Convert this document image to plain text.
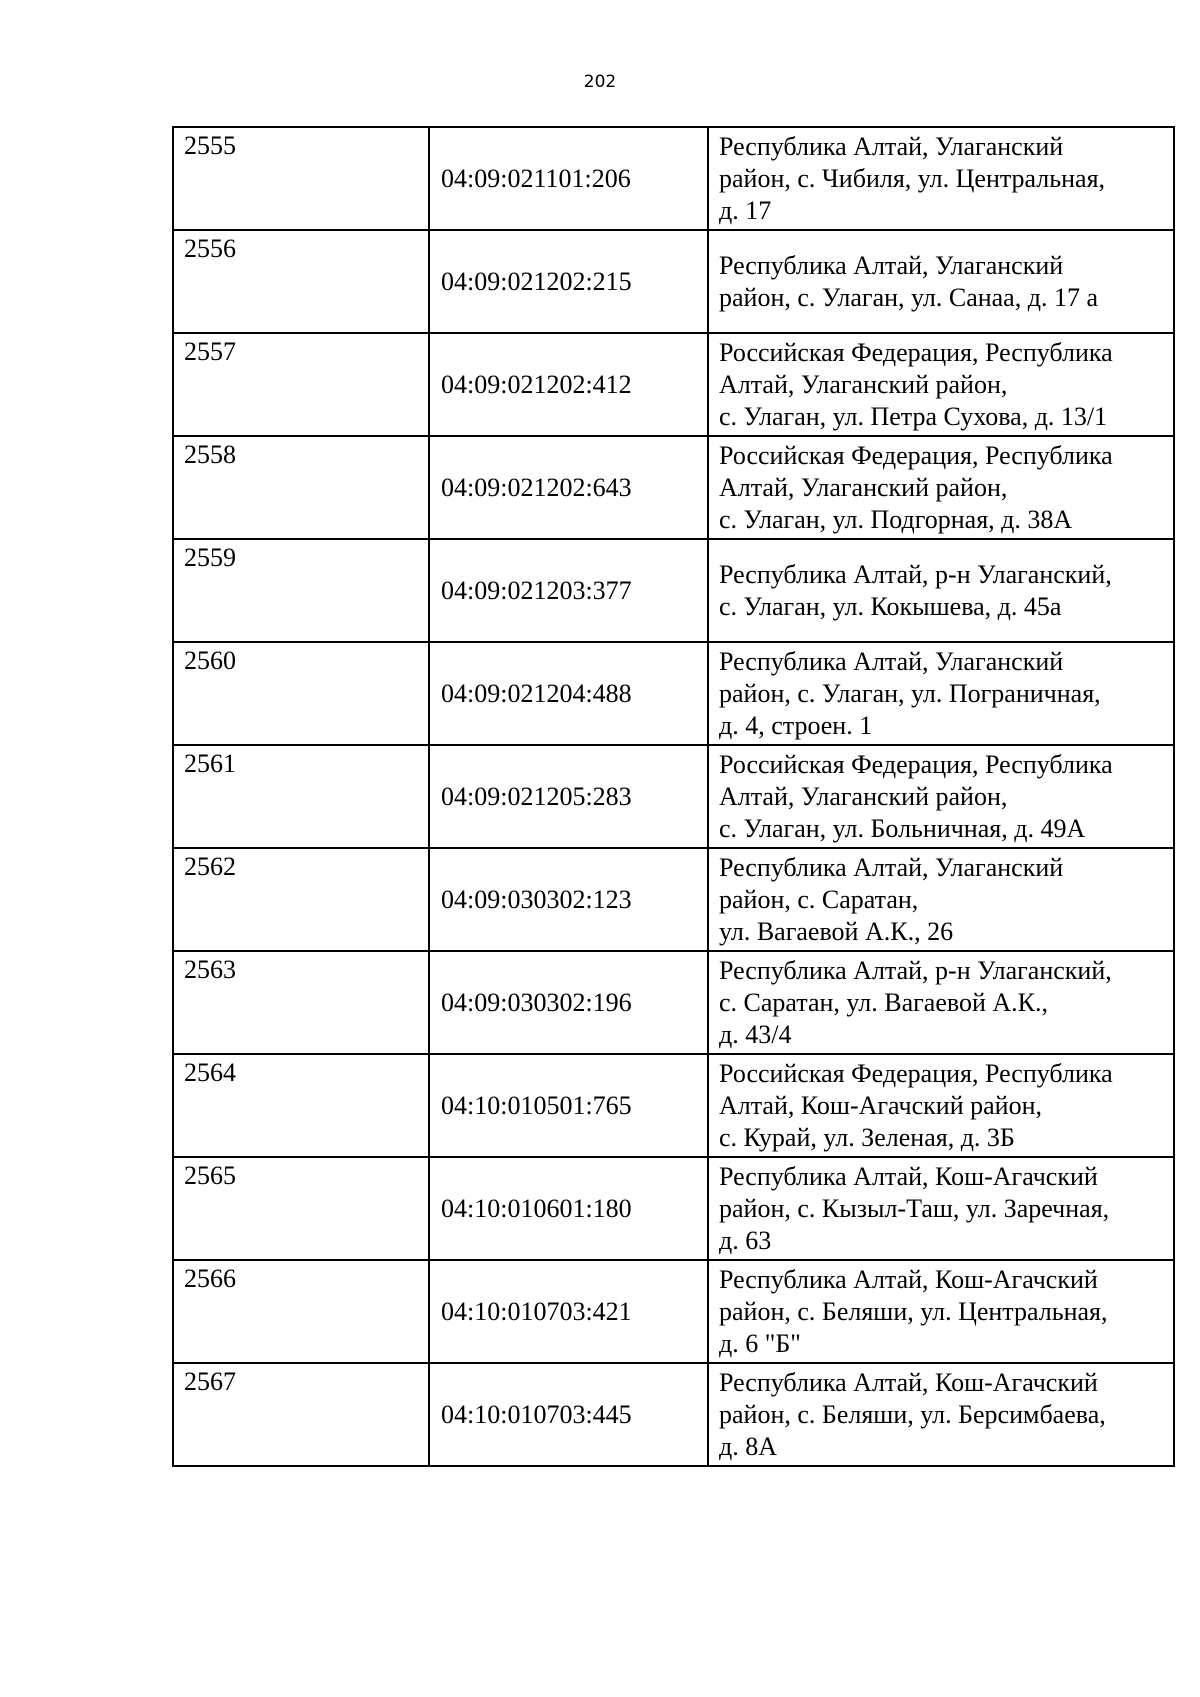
202
2555	04:09:021101:206	Республика Алтай, Улаганский
район, с. Чибиля, ул. Центральная,
д. 17

2556	04:09:021202:215	Республика Алтай, Улаганский
район, с. Улаган, ул. Санаа, д. 17 а

2557	04:09:021202:412	Российская Федерация, Республика
Алтай, Улаганский район,
с. Улаган, ул. Петра Сухова, д. 13/1

2558	04:09:021202:643	Российская Федерация, Республика
Алтай, Улаганский район,
с. Улаган, ул. Подгорная, д. 38А

2559	04:09:021203:377	Республика Алтай, р-н Улаганский,
с. Улаган, ул. Кокышева, д. 45а

2560	04:09:021204:488	Республика Алтай, Улаганский
район, с. Улаган, ул. Пограничная,
д. 4, строен. 1

2561	04:09:021205:283	Российская Федерация, Республика
Алтай, Улаганский район,
с. Улаган, ул. Больничная, д. 49А

2562	04:09:030302:123	Республика Алтай, Улаганский
район, с. Саратан,
ул. Вагаевой А.К., 26

2563	04:09:030302:196	Республика Алтай, р-н Улаганский,
с. Саратан, ул. Вагаевой А.К.,
д. 43/4

2564	04:10:010501:765	Российская Федерация, Республика
Алтай, Кош-Агачский район,
с. Курай, ул. Зеленая, д. 3Б

2565	04:10:010601:180	Республика Алтай, Кош-Агачский
район, с. Кызыл-Таш, ул. Заречная,
д. 63

2566	04:10:010703:421	Республика Алтай, Кош-Агачский
район, с. Беляши, ул. Центральная,
д. 6 "Б"

2567	04:10:010703:445	Республика Алтай, Кош-Агачский
район, с. Беляши, ул. Берсимбаева,
д. 8А
